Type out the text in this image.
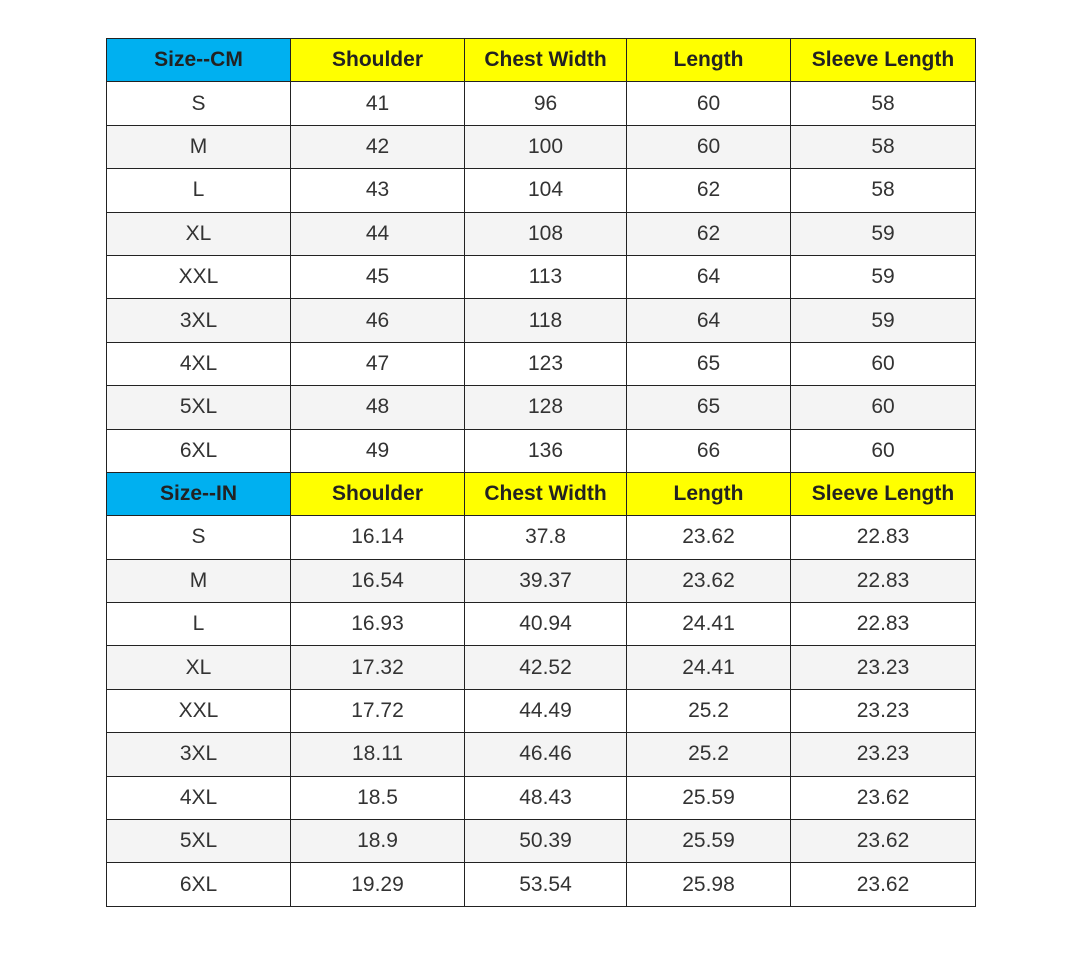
Size--CM	Shoulder	Chest Width	Length	Sleeve Length
S	41	96	60	58
M	42	100	60	58
L	43	104	62	58
XL	44	108	62	59
XXL	45	113	64	59
3XL	46	118	64	59
4XL	47	123	65	60
5XL	48	128	65	60
6XL	49	136	66	60
Size--IN	Shoulder	Chest Width	Length	Sleeve Length
S	16.14	37.8	23.62	22.83
M	16.54	39.37	23.62	22.83
L	16.93	40.94	24.41	22.83
XL	17.32	42.52	24.41	23.23
XXL	17.72	44.49	25.2	23.23
3XL	18.11	46.46	25.2	23.23
4XL	18.5	48.43	25.59	23.62
5XL	18.9	50.39	25.59	23.62
6XL	19.29	53.54	25.98	23.62
